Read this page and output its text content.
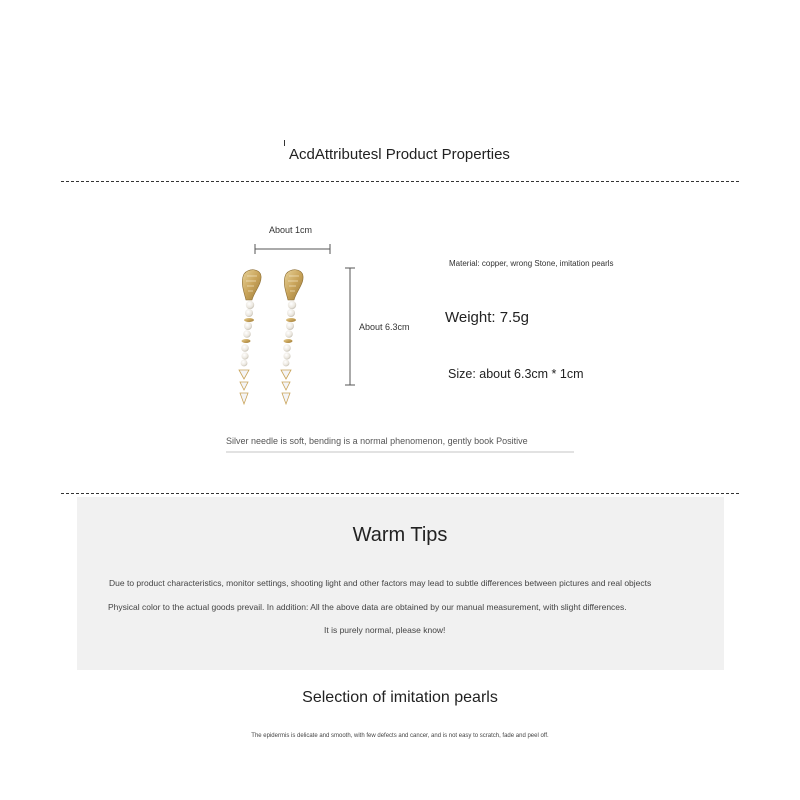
AcdAttributesl Product Properties
About 1cm
About 6.3cm
Material: copper, wrong Stone, imitation pearls
Weight: 7.5g
Size: about 6.3cm * 1cm
Silver needle is soft, bending is a normal phenomenon, gently book Positive
Warm Tips
Due to product characteristics, monitor settings, shooting light and other factors may lead to subtle differences between pictures and real objects
Physical color to the actual goods prevail. In addition: All the above data are obtained by our manual measurement, with slight differences.
It is purely normal, please know!
Selection of imitation pearls
The epidermis is delicate and smooth, with few defects and cancer, and is not easy to scratch, fade and peel off.
